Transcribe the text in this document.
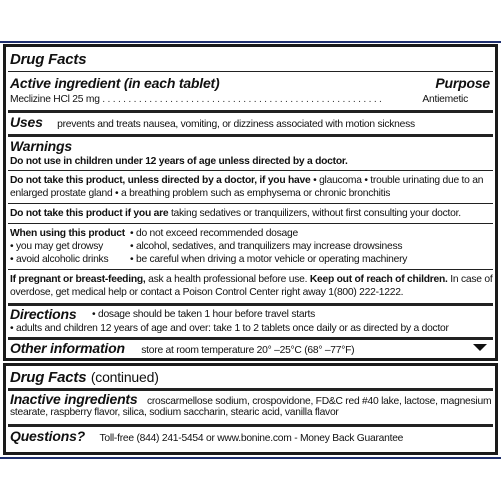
Drug Facts
Active ingredient (in each tablet)	Purpose
Meclizine HCl 25 mg . . . . . . . . . . . . . . . . . . . . . . . . . . . . . . . . . . . . . . . . . . . . . . . . . . . . . .	Antiemetic
Uses prevents and treats nausea, vomiting, or dizziness associated with motion sickness
Warnings
Do not use in children under 12 years of age unless directed by a doctor.
Do not take this product, unless directed by a doctor, if you have • glaucoma • trouble urinating due to an
enlarged prostate gland • a breathing problem such as emphysema or chronic bronchitis
Do not take this product if you are taking sedatives or tranquilizers, without first consulting your doctor.
When using this product
• you may get drowsy
• avoid alcoholic drinks
• do not exceed recommended dosage
• alcohol, sedatives, and tranquilizers may increase drowsiness
• be careful when driving a motor vehicle or operating machinery
If pregnant or breast-feeding, ask a health professional before use. Keep out of reach of children. In case of
overdose, get medical help or contact a Poison Control Center right away 1(800) 222-1222.
Directions	• dosage should be taken 1 hour before travel starts
• adults and children 12 years of age and over: take 1 to 2 tablets once daily or as directed by a doctor
Other information store at room temperature 20° –25°C (68° –77°F)
Drug Facts (continued)
Inactive ingredients croscarmellose sodium, crospovidone, FD&C red #40 lake, lactose, magnesium
stearate, raspberry flavor, silica, sodium saccharin, stearic acid, vanilla flavor
Questions? Toll-free (844) 241-5454 or www.bonine.com - Money Back Guarantee
